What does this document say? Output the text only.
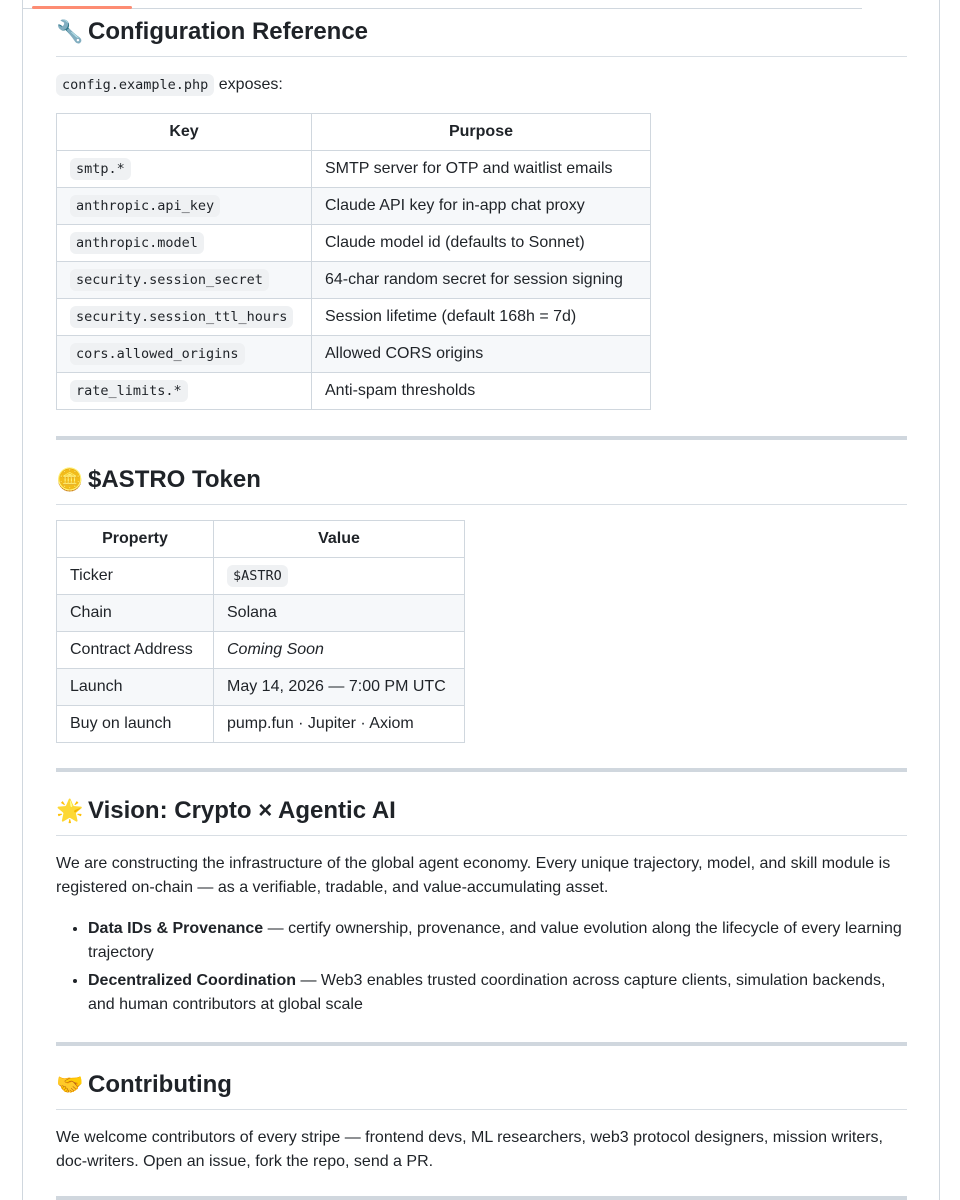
🔧 Configuration Reference

config.example.php exposes:

Key	Purpose
smtp.*	SMTP server for OTP and waitlist emails
anthropic.api_key	Claude API key for in-app chat proxy
anthropic.model	Claude model id (defaults to Sonnet)
security.session_secret	64-char random secret for session signing
security.session_ttl_hours	Session lifetime (default 168h = 7d)
cors.allowed_origins	Allowed CORS origins
rate_limits.*	Anti-spam thresholds
🪙 $ASTRO Token
Property	Value
Ticker	$ASTRO
Chain	Solana
Contract Address	Coming Soon
Launch	May 14, 2026 — 7:00 PM UTC
Buy on launch	pump.fun · Jupiter · Axiom
🌟 Vision: Crypto × Agentic AI

We are constructing the infrastructure of the global agent economy. Every unique trajectory, model, and skill module is registered on-chain — as a verifiable, tradable, and value-accumulating asset.

• Data IDs & Provenance — certify ownership, provenance, and value evolution along the lifecycle of every learning trajectory
• Decentralized Coordination — Web3 enables trusted coordination across capture clients, simulation backends, and human contributors at global scale
🤝 Contributing

We welcome contributors of every stripe — frontend devs, ML researchers, web3 protocol designers, mission writers, doc-writers. Open an issue, fork the repo, send a PR.
